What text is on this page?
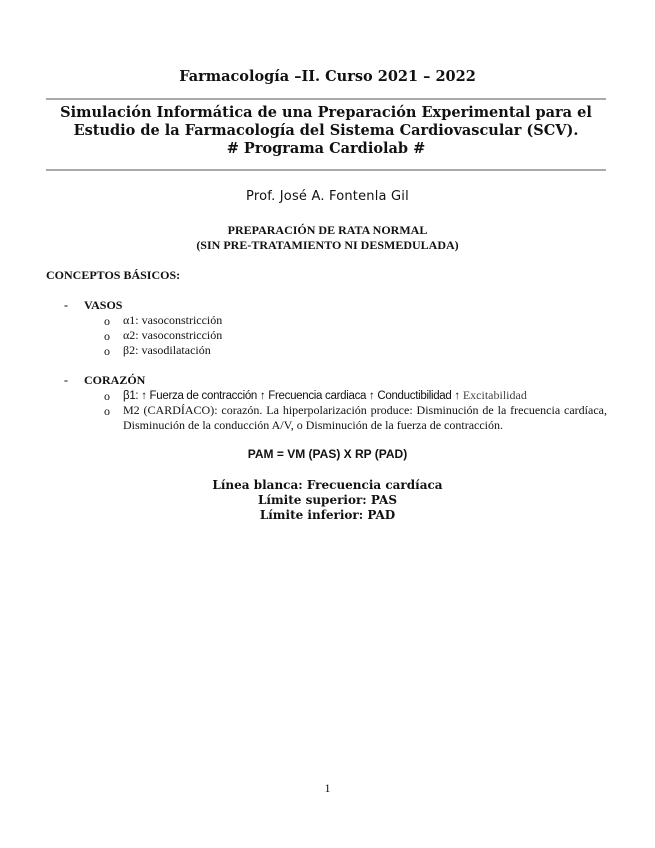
Farmacología –II. Curso 2021 – 2022
Simulación Informática de una Preparación Experimental para el
Estudio de la Farmacología del Sistema Cardiovascular (SCV).
# Programa Cardiolab #
Prof. José A. Fontenla Gil
PREPARACIÓN DE RATA NORMAL
(SIN PRE-TRATAMIENTO NI DESMEDULADA)
CONCEPTOS BÁSICOS:
- VASOS
o α1: vasoconstricción
o α2: vasoconstricción
o β2: vasodilatación
- CORAZÓN
o β1: ↑ Fuerza de contracción ↑ Frecuencia cardiaca ↑ Conductibilidad ↑ Excitabilidad
o M2 (CARDÍACO): corazón. La hiperpolarización produce: Disminución de la frecuencia cardíaca, Disminución de la conducción A/V, o Disminución de la fuerza de contracción.
PAM = VM (PAS) X RP (PAD)
Línea blanca: Frecuencia cardíaca
Límite superior: PAS
Límite inferior: PAD
1
